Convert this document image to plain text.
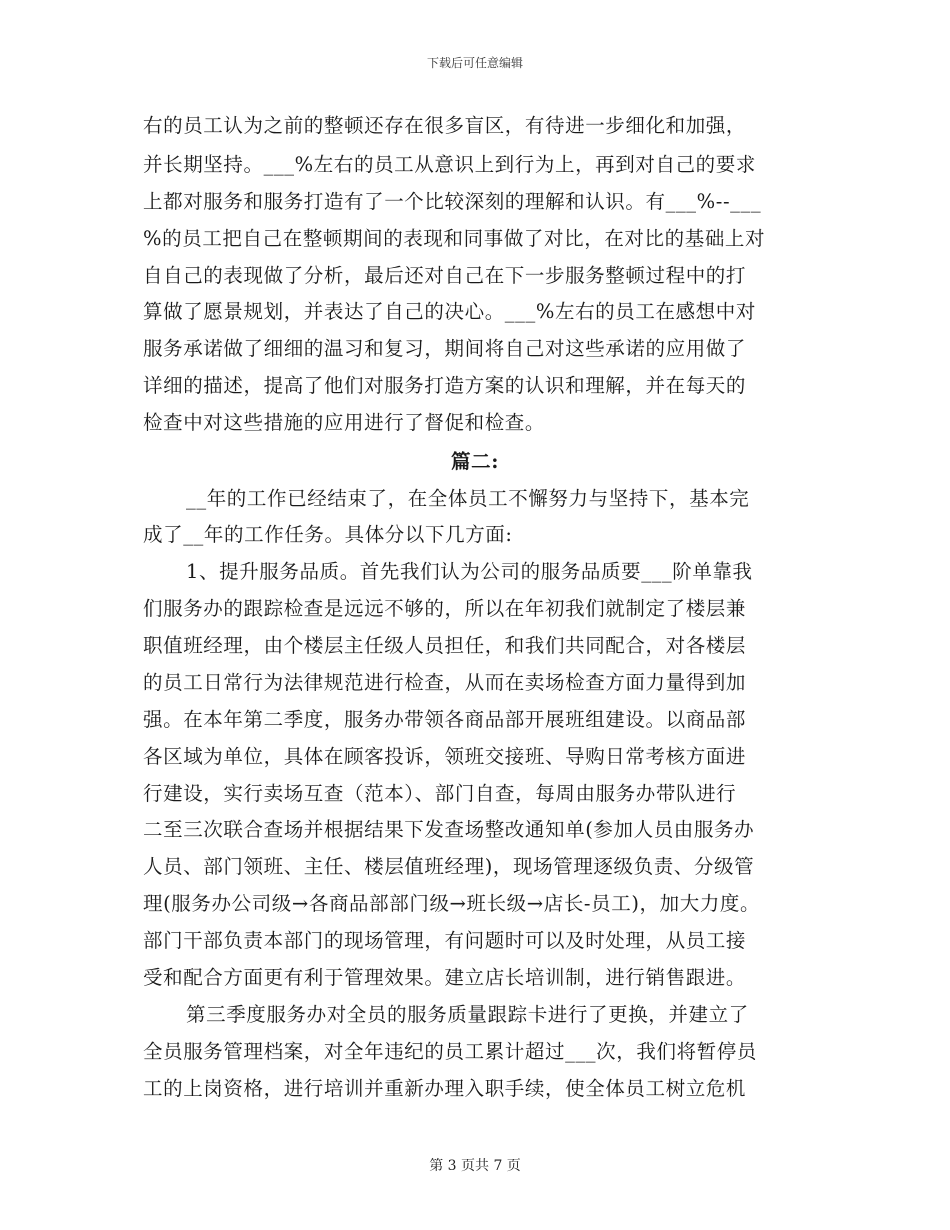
下载后可任意编辑
右的员工认为之前的整顿还存在很多盲区，有待进一步细化和加强，
并长期坚持。___%左右的员工从意识上到行为上，再到对自己的要求
上都对服务和服务打造有了一个比较深刻的理解和认识。有___%--___
%的员工把自己在整顿期间的表现和同事做了对比，在对比的基础上对
自自己的表现做了分析，最后还对自己在下一步服务整顿过程中的打
算做了愿景规划，并表达了自己的决心。___%左右的员工在感想中对
服务承诺做了细细的温习和复习，期间将自己对这些承诺的应用做了
详细的描述，提高了他们对服务打造方案的认识和理解，并在每天的
检查中对这些措施的应用进行了督促和检查。
篇二:
__年的工作已经结束了，在全体员工不懈努力与坚持下，基本完
成了__年的工作任务。具体分以下几方面:
1、提升服务品质。首先我们认为公司的服务品质要___阶单靠我
们服务办的跟踪检查是远远不够的，所以在年初我们就制定了楼层兼
职值班经理，由个楼层主任级人员担任，和我们共同配合，对各楼层
的员工日常行为法律规范进行检查，从而在卖场检查方面力量得到加
强。在本年第二季度，服务办带领各商品部开展班组建设。以商品部
各区域为单位，具体在顾客投诉，领班交接班、导购日常考核方面进
行建设，实行卖场互查（范本）、部门自查，每周由服务办带队进行
二至三次联合查场并根据结果下发查场整改通知单(参加人员由服务办
人员、部门领班、主任、楼层值班经理)，现场管理逐级负责、分级管
理(服务办公司级→各商品部部门级→班长级→店长-员工)，加大力度。
部门干部负责本部门的现场管理，有问题时可以及时处理，从员工接
受和配合方面更有利于管理效果。建立店长培训制，进行销售跟进。
第三季度服务办对全员的服务质量跟踪卡进行了更换，并建立了
全员服务管理档案，对全年违纪的员工累计超过___次，我们将暂停员
工的上岗资格，进行培训并重新办理入职手续，使全体员工树立危机
第 3 页共 7 页
